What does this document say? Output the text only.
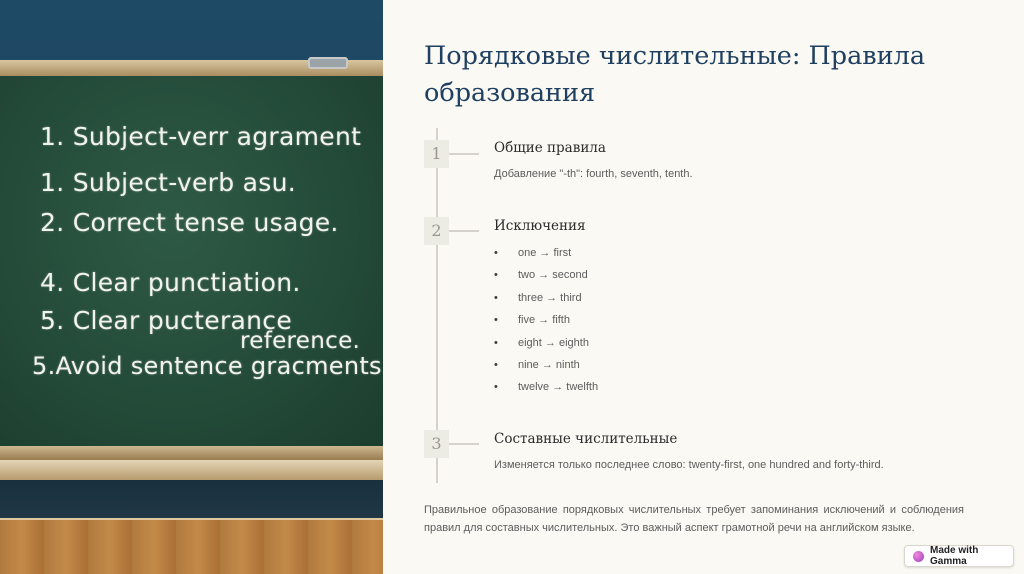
1. Subject-verr agrament
1. Subject-verb asu.
2. Correct tense usage.
4. Clear punctiation.
5. Clear pucterance
reference.
5.Avoid sentence gracments
Порядковые числительные: Правила образования
1	Общие правила
Добавление "-th": fourth, seventh, tenth.
2	Исключения
• one → first
• two → second
• three → third
• five → fifth
• eight → eighth
• nine → ninth
• twelve → twelfth
3	Составные числительные
Изменяется только последнее слово: twenty-first, one hundred and forty-third.

Правильное образование порядковых числительных требует запоминания исключений и соблюдения правил для составных числительных. Это важный аспект грамотной речи на английском языке.

Made with Gamma
